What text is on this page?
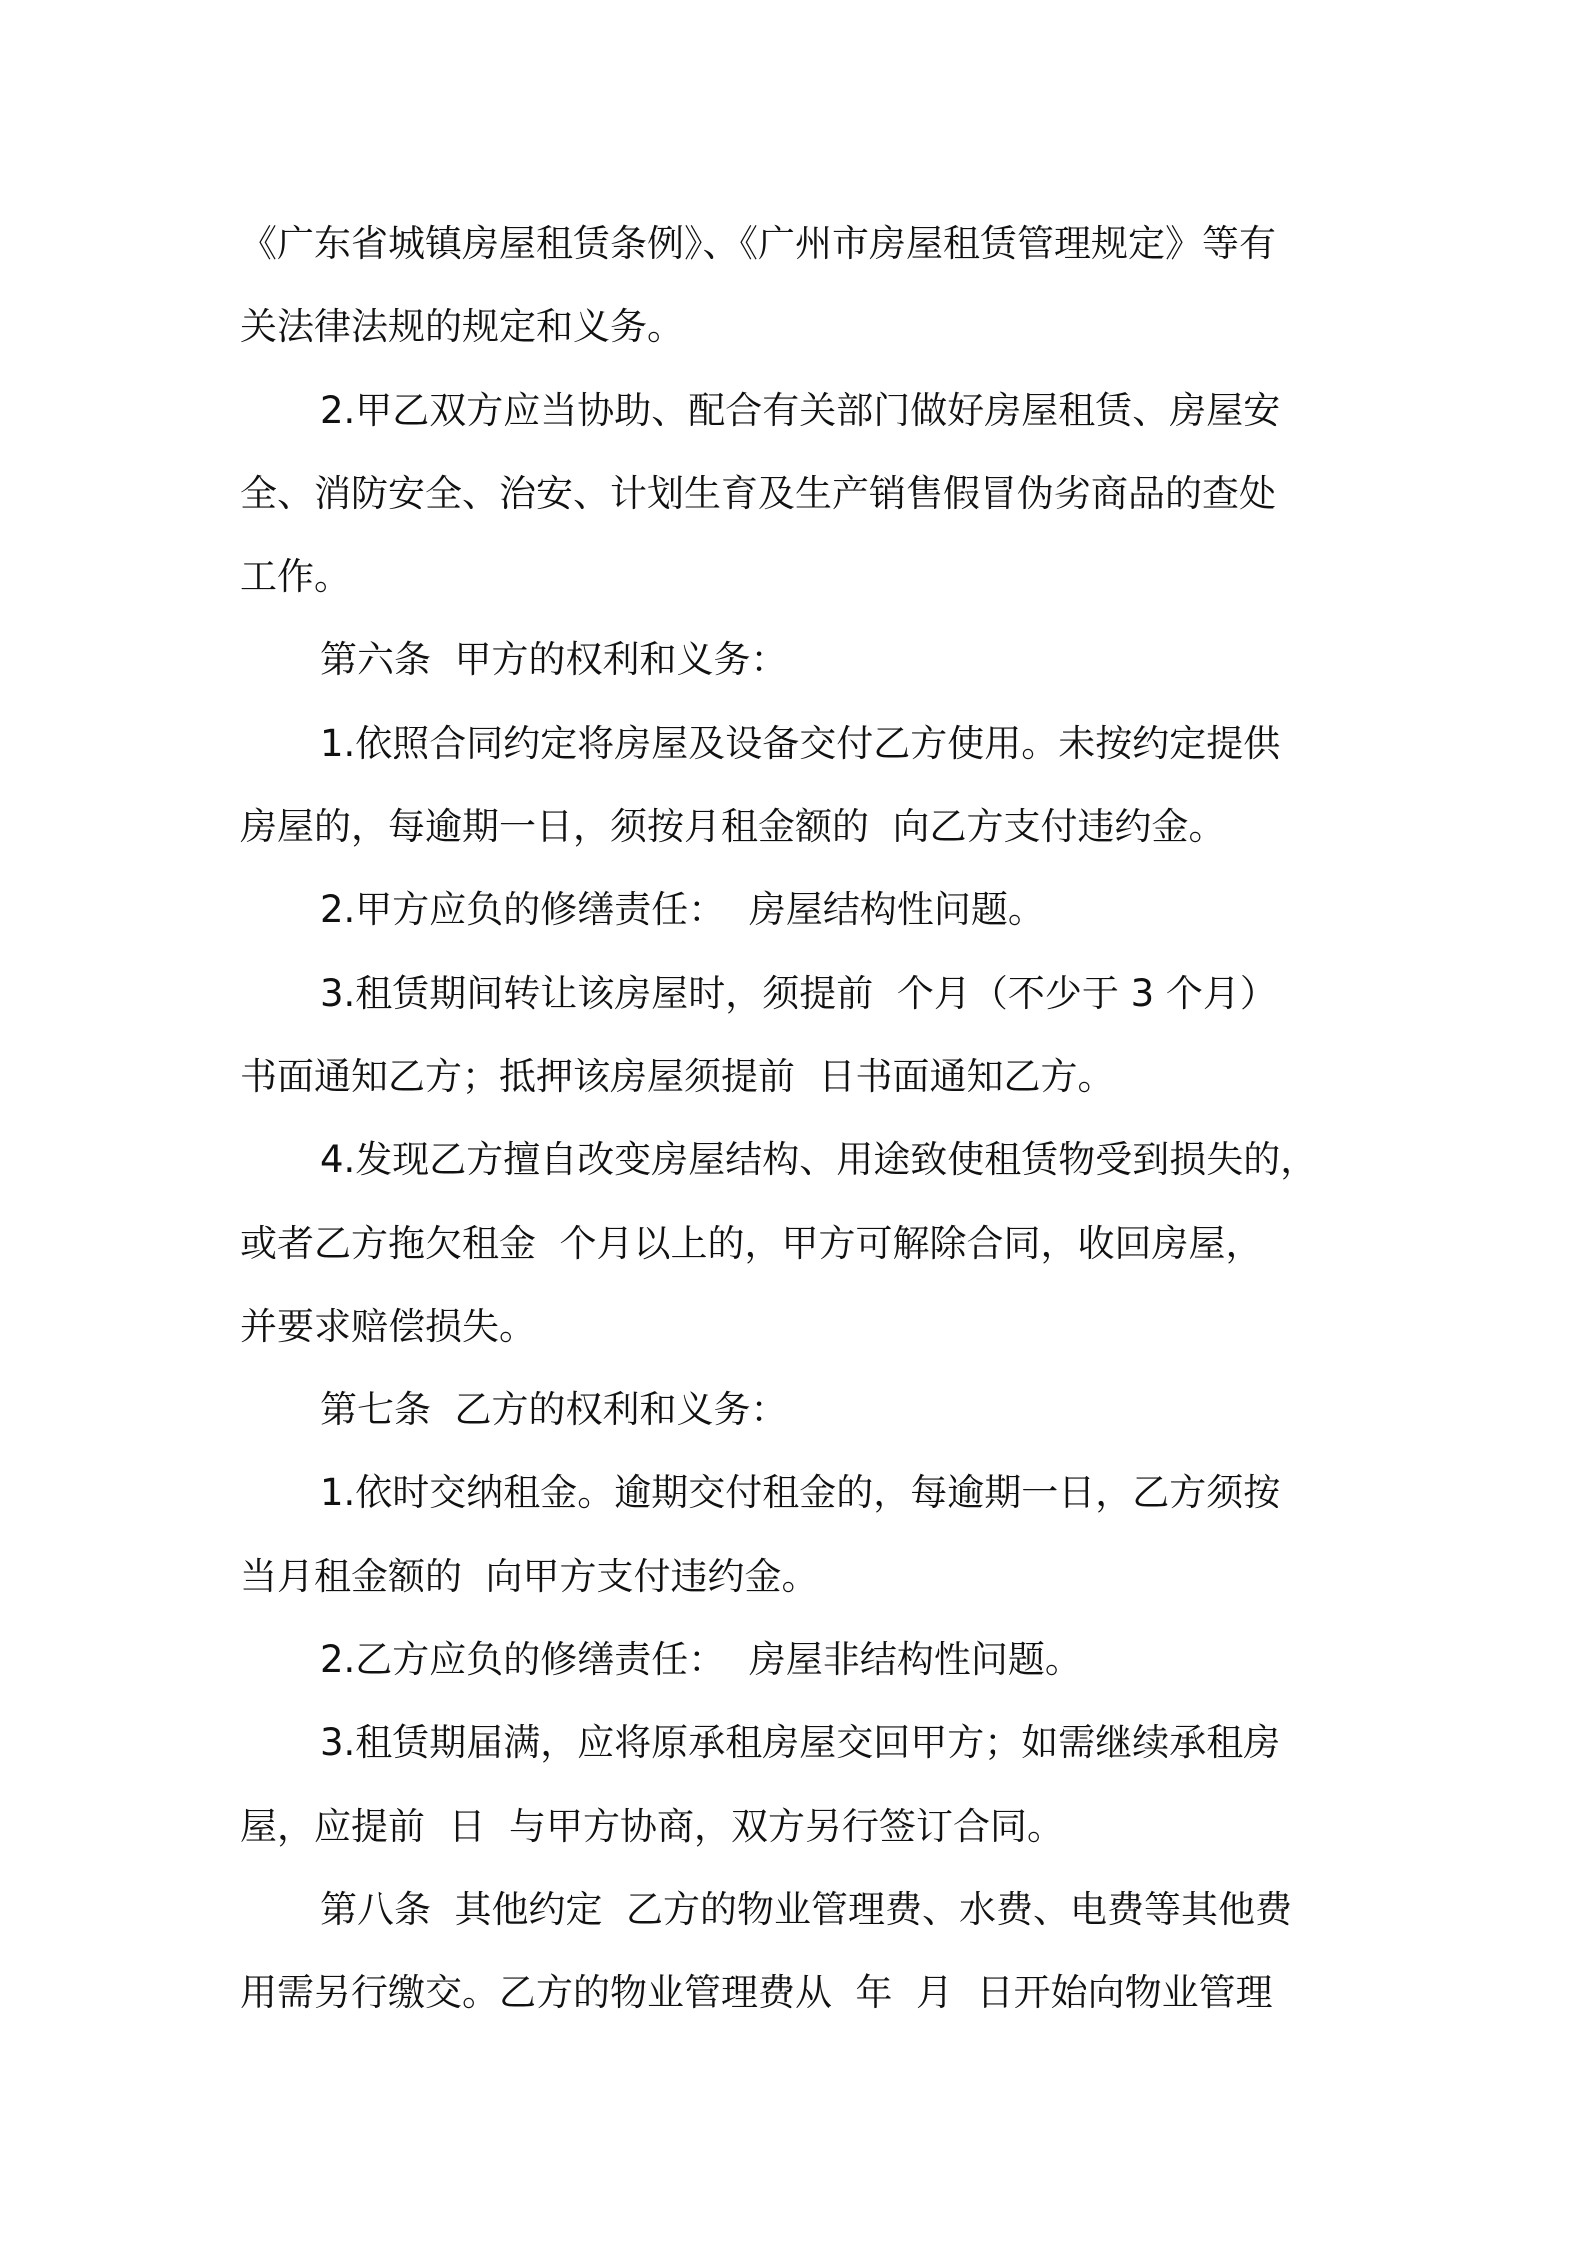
《广东省城镇房屋租赁条例》、《广州市房屋租赁管理规定》等有
关法律法规的规定和义务。
2.甲乙双方应当协助、配合有关部门做好房屋租赁、房屋安
全、消防安全、治安、计划生育及生产销售假冒伪劣商品的查处
工作。
第六条  甲方的权利和义务：
1.依照合同约定将房屋及设备交付乙方使用。未按约定提供
房屋的，每逾期一日，须按月租金额的  向乙方支付违约金。
2.甲方应负的修缮责任：  房屋结构性问题。
3.租赁期间转让该房屋时，须提前  个月（不少于 3 个月）
书面通知乙方；抵押该房屋须提前  日书面通知乙方。
4.发现乙方擅自改变房屋结构、用途致使租赁物受到损失的，
或者乙方拖欠租金  个月以上的，甲方可解除合同，收回房屋，
并要求赔偿损失。
第七条  乙方的权利和义务：
1.依时交纳租金。逾期交付租金的，每逾期一日，乙方须按
当月租金额的  向甲方支付违约金。
2.乙方应负的修缮责任：  房屋非结构性问题。
3.租赁期届满，应将原承租房屋交回甲方；如需继续承租房
屋，应提前  日  与甲方协商，双方另行签订合同。
第八条  其他约定  乙方的物业管理费、水费、电费等其他费
用需另行缴交。乙方的物业管理费从  年  月  日开始向物业管理
